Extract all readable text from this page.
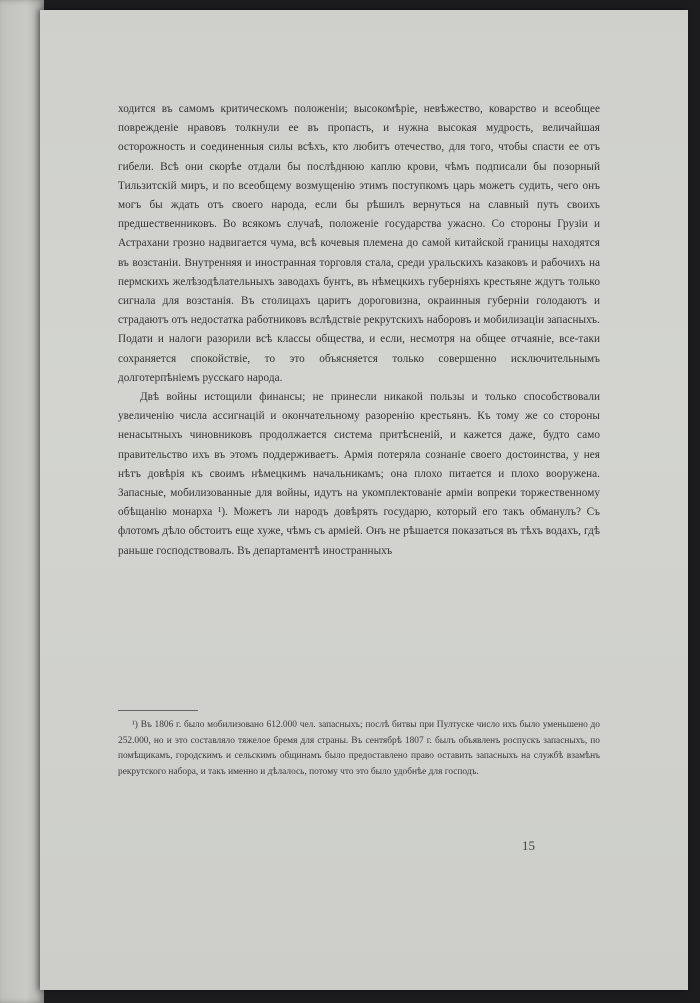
ходится въ самомъ критическомъ положеніи; высокомѣріе, невѣжество, коварство и всеобщее поврежденіе нравовъ толкнули ее въ пропасть, и нужна высокая мудрость, величайшая осторожность и соединенныя силы всѣхъ, кто любитъ отечество, для того, чтобы спасти ее отъ гибели. Всѣ они скорѣе отдали бы послѣднюю каплю крови, чѣмъ подписали бы позорный Тильзитскій миръ, и по всеобщему возмущенію этимъ поступкомъ царь можетъ судить, чего онъ могъ бы ждать отъ своего народа, если бы рѣшилъ вернуться на славный путь своихъ предшественниковъ. Во всякомъ случаѣ, положеніе государства ужасно. Со стороны Грузіи и Астрахани грозно надвигается чума, всѣ кочевыя племена до самой китайской границы находятся въ возстаніи. Внутренняя и иностранная торговля стала, среди уральскихъ казаковъ и рабочихъ на пермскихъ желѣзодѣлательныхъ заводахъ бунтъ, въ нѣмецкихъ губерніяхъ крестьяне ждутъ только сигнала для возстанія. Въ столицахъ царитъ дороговизна, окраинныя губерніи голодаютъ и страдаютъ отъ недостатка работниковъ вслѣдствіе рекрутскихъ наборовъ и мобилизаціи запасныхъ. Подати и налоги разорили всѣ классы общества, и если, несмотря на общее отчаяніе, все-таки сохраняется спокойствіе, то это объясняется только совершенно исключительнымъ долготерпѣніемъ русскаго народа.

Двѣ войны истощили финансы; не принесли никакой пользы и только способствовали увеличенію числа ассигнацій и окончательному разоренію крестьянъ. Къ тому же со стороны ненасытныхъ чиновниковъ продолжается система притѣсненій, и кажется даже, будто само правительство ихъ въ этомъ поддерживаетъ. Армія потеряла сознаніе своего достоинства, у нея нѣтъ довѣрія къ своимъ нѣмецкимъ начальникамъ; она плохо питается и плохо вооружена. Запасные, мобилизованные для войны, идутъ на укомплектованіе арміи вопреки торжественному обѣщанію монарха ¹). Можетъ ли народъ довѣрять государю, который его такъ обманулъ? Съ флотомъ дѣло обстоитъ еще хуже, чѣмъ съ арміей. Онъ не рѣшается показаться въ тѣхъ водахъ, гдѣ раньше господствовалъ. Въ департаментѣ иностранныхъ

¹) Въ 1806 г. было мобилизовано 612.000 чел. запасныхъ; послѣ битвы при Пултуске число ихъ было уменьшено до 252.000, но и это составляло тяжелое бремя для страны. Въ сентябрѣ 1807 г. былъ объявленъ роспускъ запасныхъ, по помѣщикамъ, городскимъ и сельскимъ общинамъ было предоставлено право оставить запасныхъ на службѣ взамѣнъ рекрутского набора, и такъ именно и дѣлалось, потому что это было удобнѣе для господъ.

15
